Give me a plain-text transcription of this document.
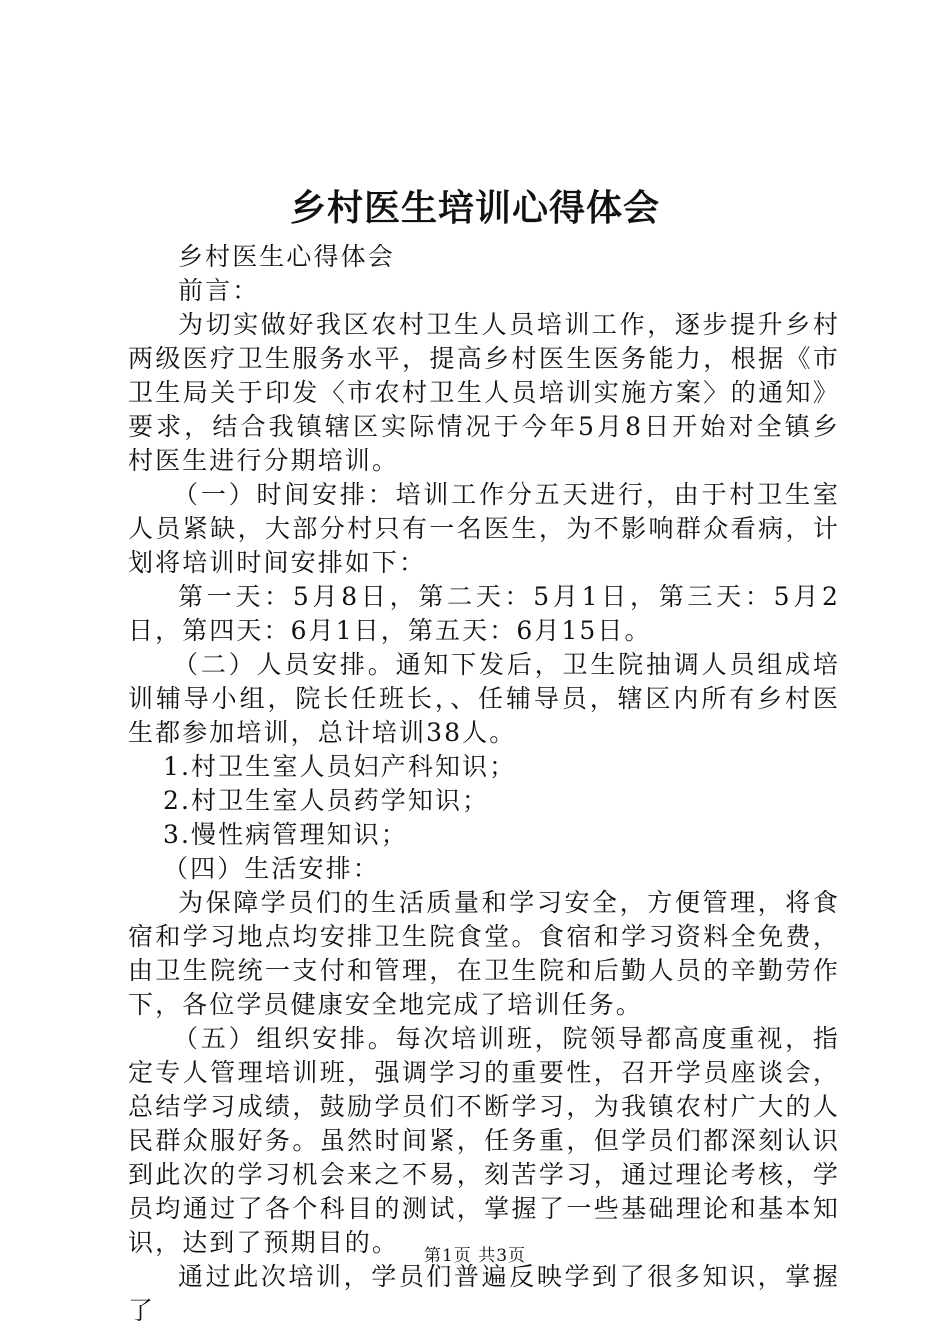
乡村医生培训心得体会

乡村医生心得体会

前言：

为切实做好我区农村卫生人员培训工作，逐步提升乡村两级医疗卫生服务水平，提高乡村医生医务能力，根据《市卫生局关于印发〈市农村卫生人员培训实施方案〉的通知》要求，结合我镇辖区实际情况于今年5月8日开始对全镇乡村医生进行分期培训。

（一）时间安排：培训工作分五天进行，由于村卫生室人员紧缺，大部分村只有一名医生，为不影响群众看病，计划将培训时间安排如下：

第一天：5月8日，第二天：5月1日，第三天：5月2日，第四天：6月1日，第五天：6月15日。

（二）人员安排。通知下发后，卫生院抽调人员组成培训辅导小组，院长任班长，、任辅导员，辖区内所有乡村医生都参加培训，总计培训38人。

1.村卫生室人员妇产科知识；

2.村卫生室人员药学知识；

3.慢性病管理知识；

（四）生活安排：

为保障学员们的生活质量和学习安全，方便管理，将食宿和学习地点均安排卫生院食堂。食宿和学习资料全免费，由卫生院统一支付和管理，在卫生院和后勤人员的辛勤劳作下，各位学员健康安全地完成了培训任务。

（五）组织安排。每次培训班，院领导都高度重视，指定专人管理培训班，强调学习的重要性，召开学员座谈会，总结学习成绩，鼓励学员们不断学习，为我镇农村广大的人民群众服好务。虽然时间紧，任务重，但学员们都深刻认识到此次的学习机会来之不易，刻苦学习，通过理论考核，学员均通过了各个科目的测试，掌握了一些基础理论和基本知识，达到了预期目的。

通过此次培训，学员们普遍反映学到了很多知识，掌握了

第1页 共3页
